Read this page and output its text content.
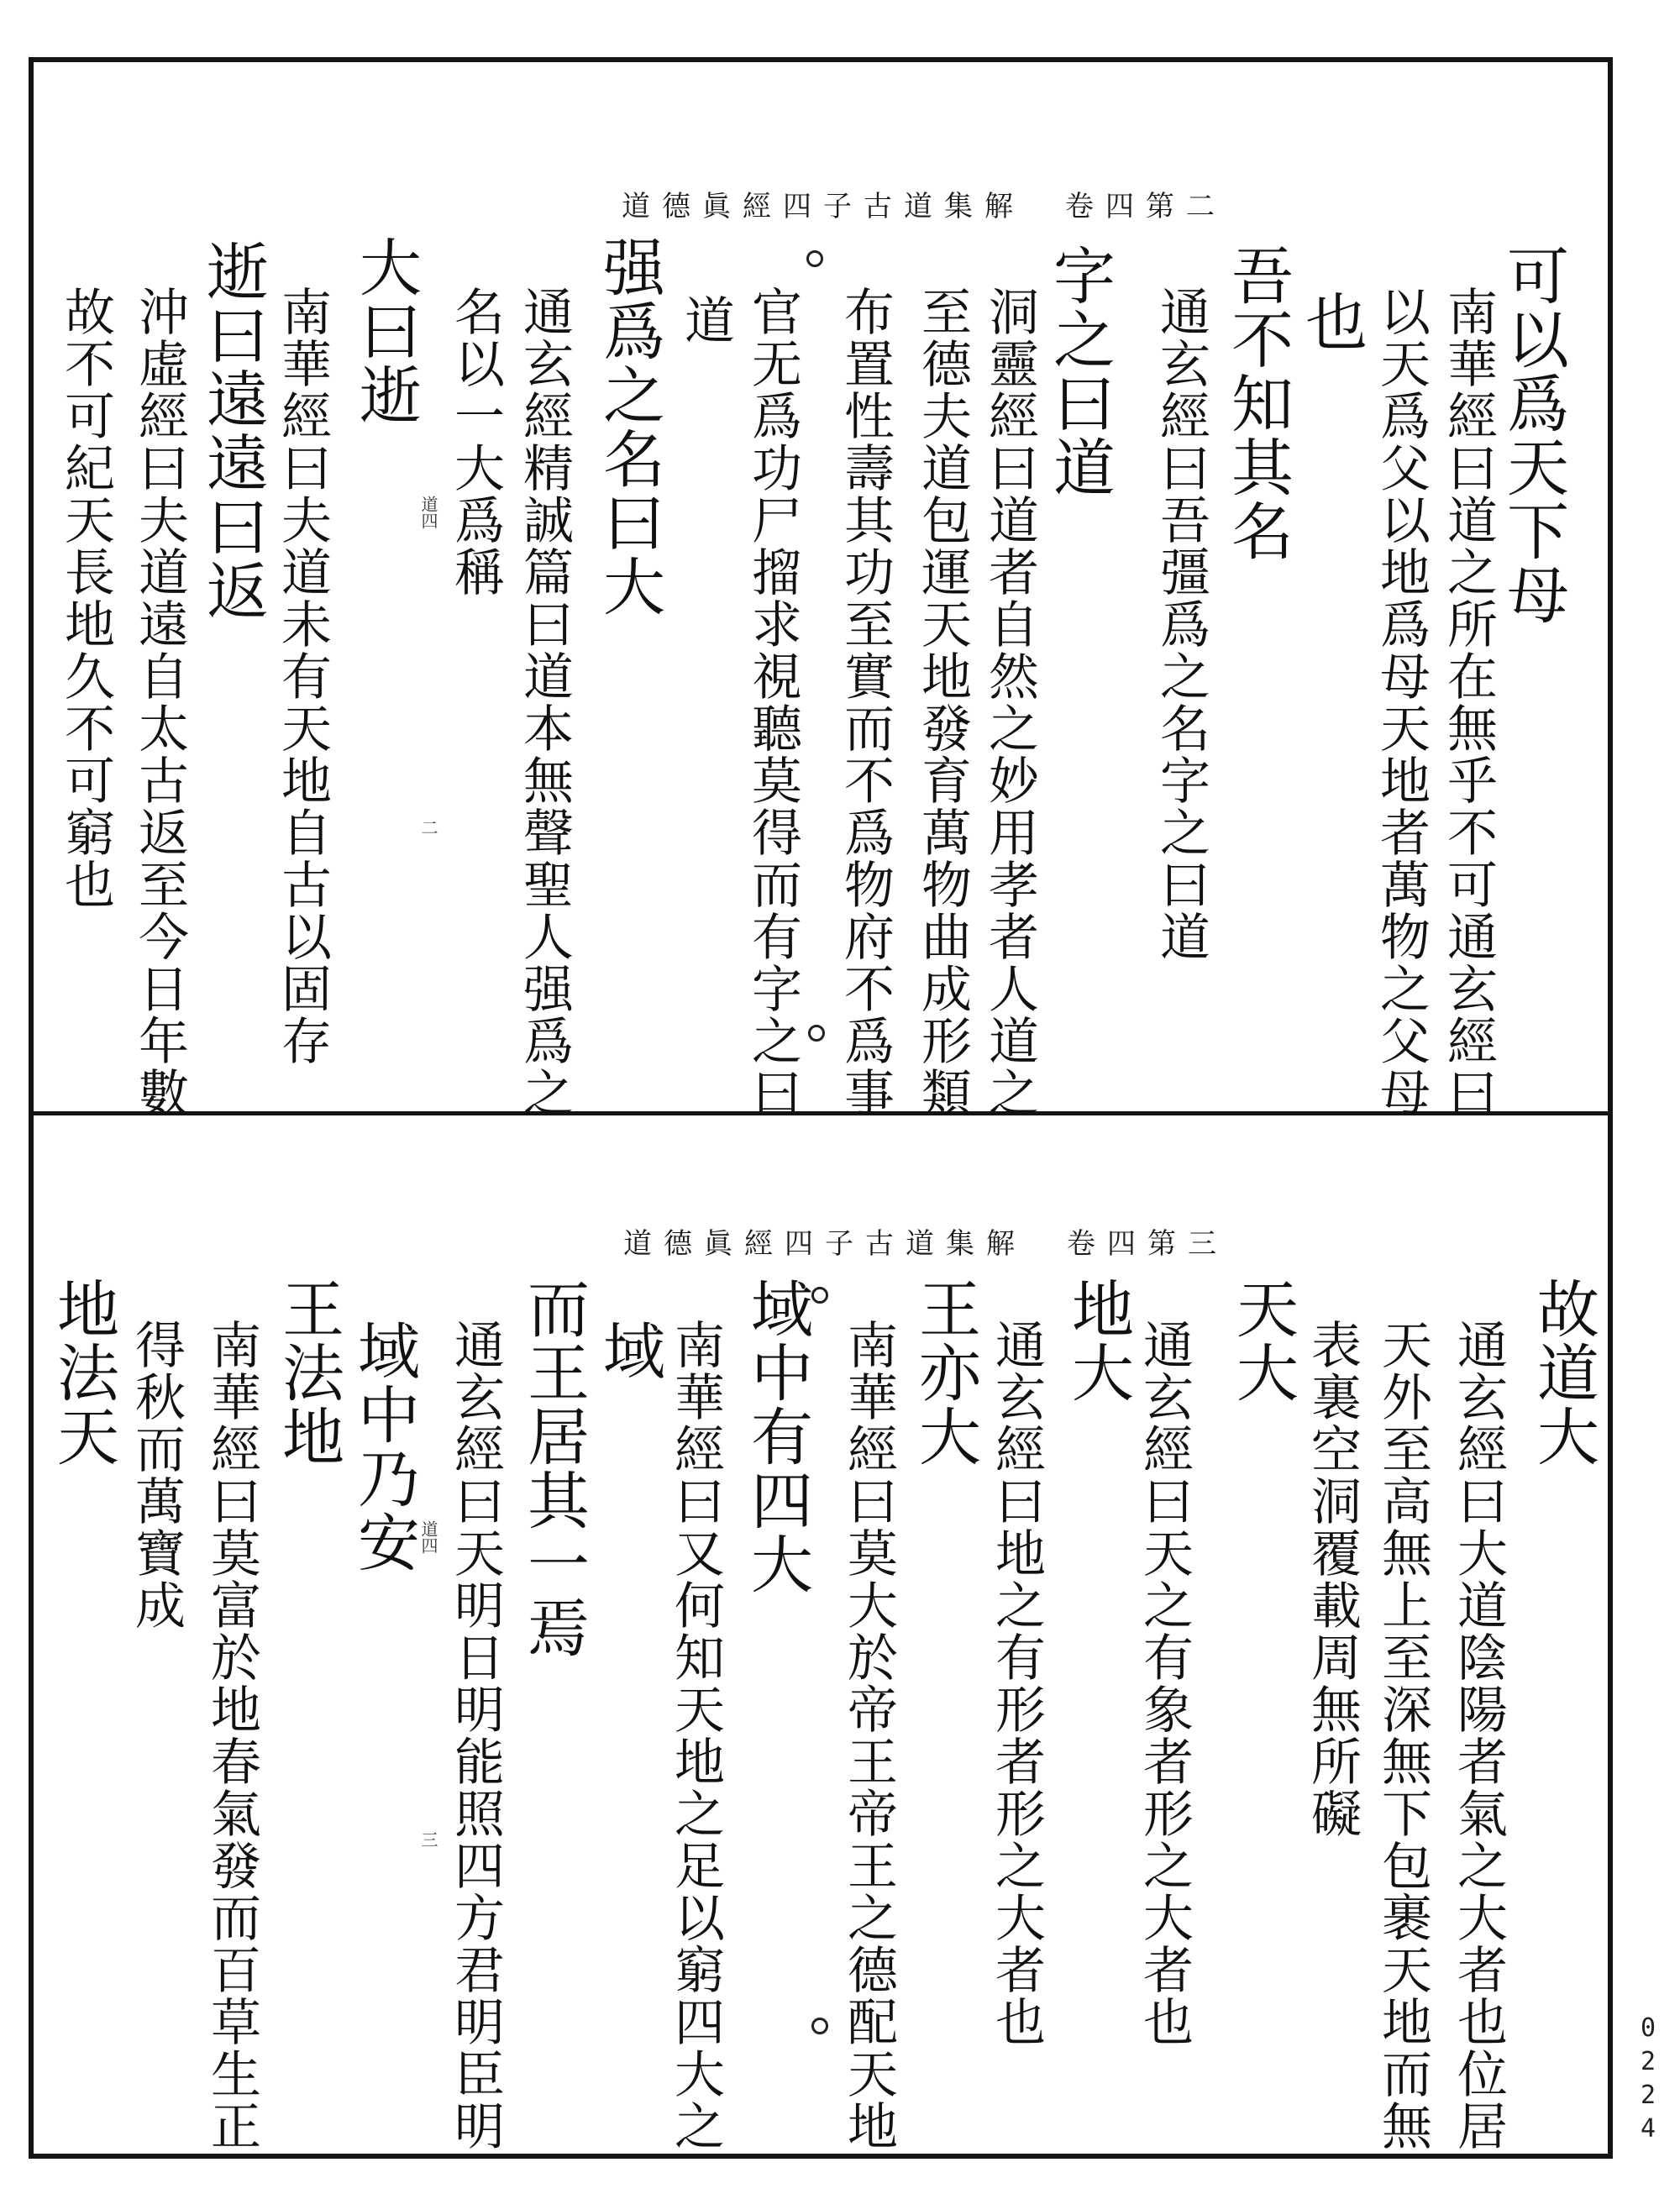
道德眞經四子古道集解　卷四第二
可以爲天下母
南華經曰道之所在無乎不可通玄經曰
以天爲父以地爲母天地者萬物之父母
也
吾不知其名
通玄經曰吾彊爲之名字之曰道
字之曰道
洞靈經曰道者自然之妙用孝者人道之
至德夫道包運天地發育萬物曲成形類
布置性壽其功至實而不爲物府不爲事
官无爲功尸㨨求視聽莫得而有字之曰
道
强爲之名曰大
通玄經精誠篇曰道本無聲聖人强爲之
名以一大爲稱
大曰逝
南華經曰夫道未有天地自古以固存
逝曰遠遠曰返
沖虛經曰夫道遠自太古返至今日年數
故不可紀天長地久不可窮也	道四
二
道德眞經四子古道集解　卷四第三
故道大
通玄經曰大道陰陽者氣之大者也位居
天外至高無上至深無下包裹天地而無
表裏空洞覆載周無所礙
天大
通玄經曰天之有象者形之大者也
地大
通玄經曰地之有形者形之大者也
王亦大
南華經曰莫大於帝王帝王之德配天地
域中有四大
南華經曰又何知天地之足以窮四大之
域
而王居其一焉
通玄經曰天明日明能照四方君明臣明
域中乃安
王法地
南華經曰莫富於地春氣發而百草生正
得秋而萬寶成
地法天
道四
三
0
2
2
4
